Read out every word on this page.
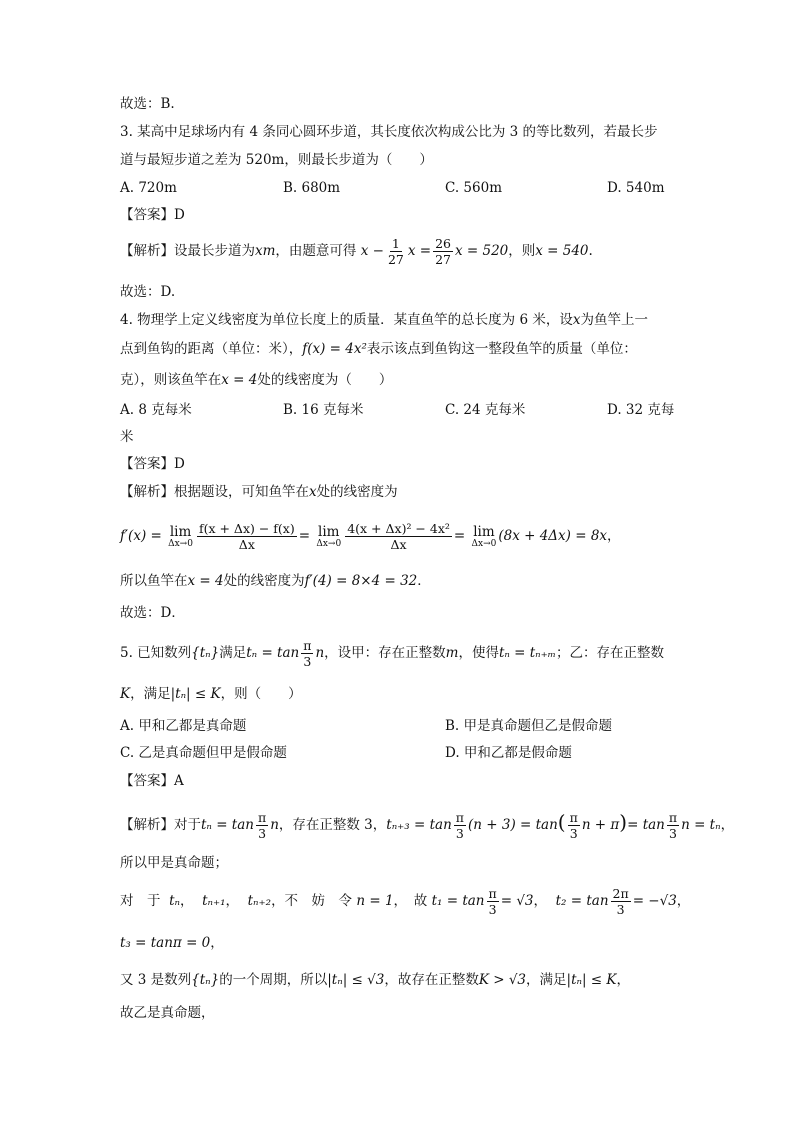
故选：B.
3. 某高中足球场内有 4 条同心圆环步道，其长度依次构成公比为 3 的等比数列，若最长步
道与最短步道之差为 520m，则最长步道为（　　）
A. 720m	B. 680m	C. 560m	D. 540m
【答案】D
【解析】设最长步道为xm，由题意可得 $x - \frac{1}{27}$ $x = \frac{26}{27}$ x = 520，则x = 540.
故选：D.
4. 物理学上定义线密度为单位长度上的质量．某直鱼竿的总长度为 6 米，设x为鱼竿上一
点到鱼钩的距离（单位：米），f(x) = 4x²表示该点到鱼钩这一整段鱼竿的质量（单位：
克），则该鱼竿在x = 4处的线密度为（　　）
A. 8 克每米	B. 16 克每米	C. 24 克每米	D. 32 克每
米
【答案】D
【解析】根据题设，可知鱼竿在x处的线密度为
f′(x) = lim
$\Delta x\to 0 \frac{f(x + \Delta x) - f(x)}{\Delta x} = \lim$
$\Delta x\to 0 \frac{\text{4(x + Δx)² − 4x²}}{\Delta x} = \lim$
Δx→0 (8x + 4Δx) = 8x，
所以鱼竿在x = 4处的线密度为f′(4) = 8×4 = 32．
故选：D．
5. 已知数列{tₙ}满足$t_n = \tan \frac{\pi}{3}$ n，设甲：存在正整数m，使得tₙ = tₙ₊ₘ；乙：存在正整数
K，满足|tₙ| ≤ K，则（　　）
A. 甲和乙都是真命题	B. 甲是真命题但乙是假命题
C. 乙是真命题但甲是假命题	D. 甲和乙都是假命题
【答案】A
【解析】对于$t_n = \tan \frac{\pi}{3}$ n，存在正整数 3，$t_{n+3} = \tan \frac{\pi}{3} (n + 3) = \tan( \frac{\pi}{3}$ $n + \pi)= \tan \frac{\pi}{3}$ n = tₙ，
所以甲是真命题；
对　于 tₙ，  tₙ₊₁，  tₙ₊₂，不　妨　令 n = 1，　故 $t_1 = \tan \frac{\pi}{3} = √3$，  $t_2 = \tan \frac{2\pi}{3} = -√3$，
t₃ = tanπ = 0，
又 3 是数列{tₙ}的一个周期，所以|tₙ| ≤ √3，故存在正整数K > √3，满足|tₙ| ≤ K，
故乙是真命题，
